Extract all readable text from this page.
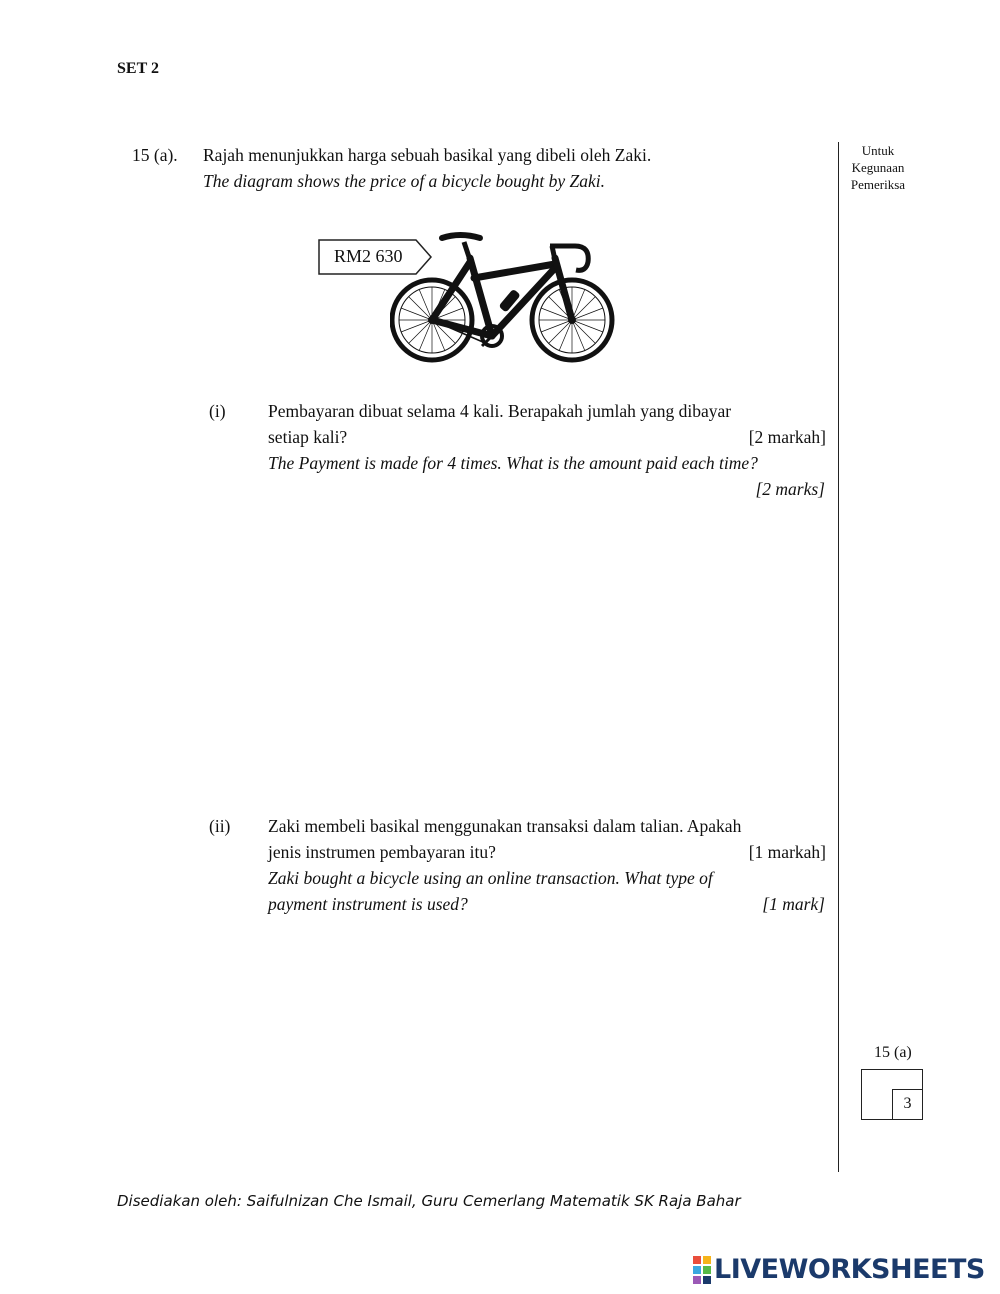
SET 2
Untuk
Kegunaan
Pemeriksa
15 (a). Rajah menunjukkan harga sebuah basikal yang dibeli oleh Zaki.
The diagram shows the price of a bicycle bought by Zaki.
RM2 630
(i) Pembayaran dibuat selama 4 kali. Berapakah jumlah yang dibayar
setiap kali?	[2 markah]
The Payment is made for 4 times. What is the amount paid each time?
[2 marks]
(ii) Zaki membeli basikal menggunakan transaksi dalam talian. Apakah
jenis instrumen pembayaran itu?	[1 markah]
Zaki bought a bicycle using an online transaction. What type of
payment instrument is used?	[1 mark]
15 (a)
3
Disediakan oleh: Saifulnizan Che Ismail, Guru Cemerlang Matematik SK Raja Bahar
LIVEWORKSHEETS
